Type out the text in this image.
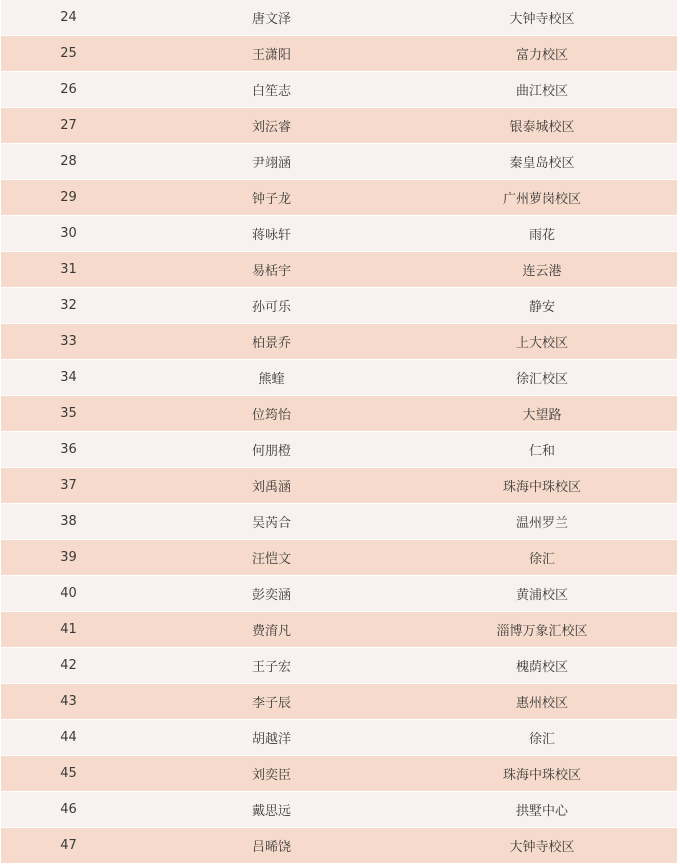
24	唐文泽	大钟寺校区
25	王潇阳	富力校区
26	白笙志	曲江校区
27	刘沄睿	银泰城校区
28	尹翊涵	秦皇岛校区
29	钟子龙	广州萝岗校区
30	蒋咏轩	雨花
31	易栝宇	连云港
32	孙可乐	静安
33	柏景乔	上大校区
34	熊蝰	徐汇校区
35	位筠怡	大望路
36	何朋橙	仁和
37	刘禹涵	珠海中珠校区
38	吴芮合	温州罗兰
39	汪恺文	徐汇
40	彭奕涵	黄浦校区
41	费淯凡	淄博万象汇校区
42	王子宏	槐荫校区
43	李子辰	惠州校区
44	胡越洋	徐汇
45	刘奕臣	珠海中珠校区
46	戴思远	拱墅中心
47	吕晞饶	大钟寺校区
